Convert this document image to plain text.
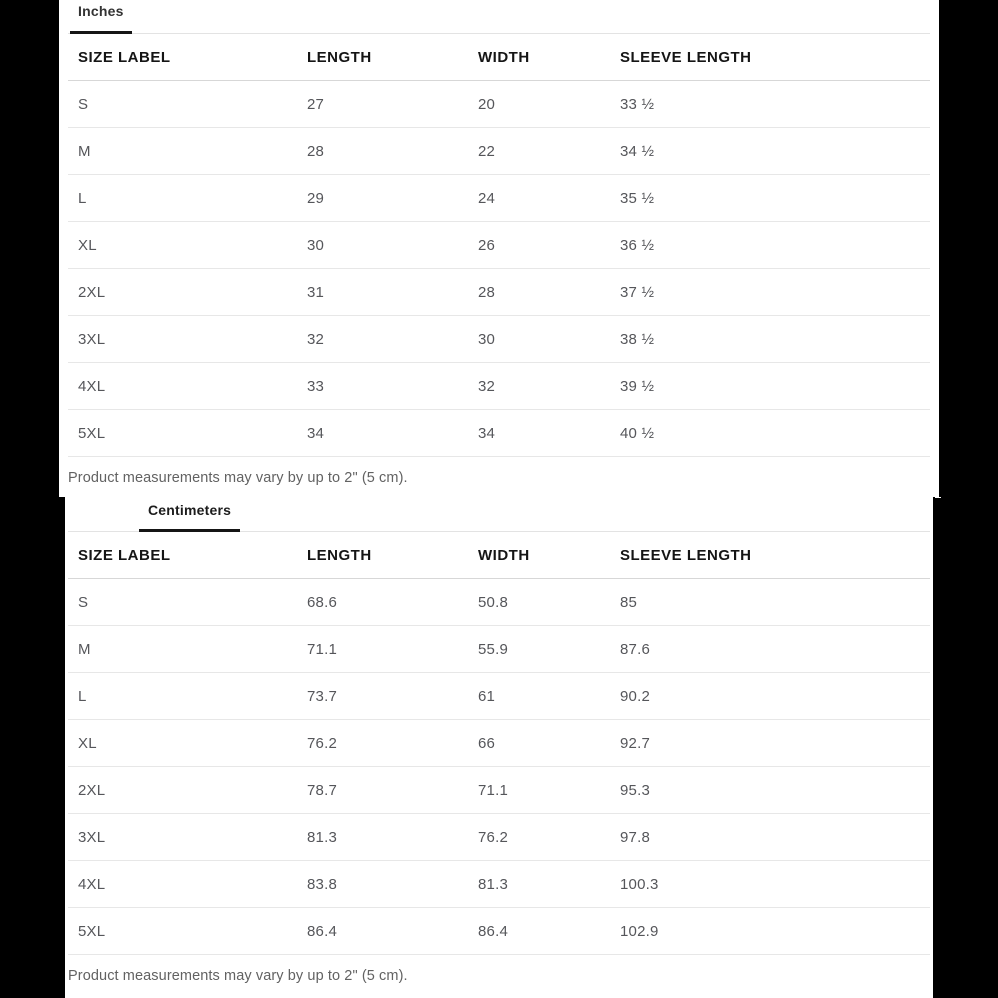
Inches
SIZE LABEL	LENGTH	WIDTH	SLEEVE LENGTH
S	27	20	33 ½
M	28	22	34 ½
L	29	24	35 ½
XL	30	26	36 ½
2XL	31	28	37 ½
3XL	32	30	38 ½
4XL	33	32	39 ½
5XL	34	34	40 ½
Product measurements may vary by up to 2" (5 cm).
Centimeters
SIZE LABEL	LENGTH	WIDTH	SLEEVE LENGTH
S	68.6	50.8	85
M	71.1	55.9	87.6
L	73.7	61	90.2
XL	76.2	66	92.7
2XL	78.7	71.1	95.3
3XL	81.3	76.2	97.8
4XL	83.8	81.3	100.3
5XL	86.4	86.4	102.9
Product measurements may vary by up to 2" (5 cm).
